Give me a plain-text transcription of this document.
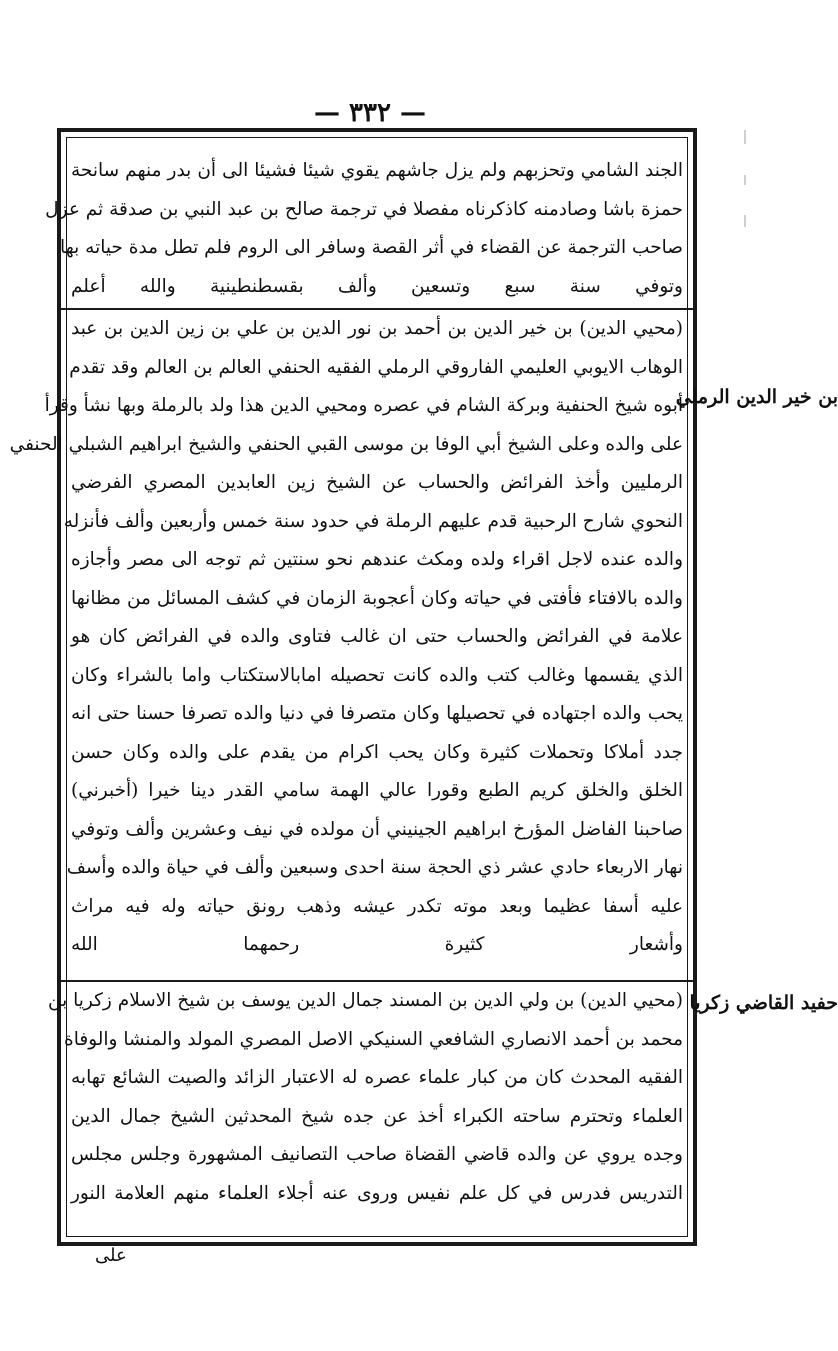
— ٣٣٢ —
الجند الشامي وتحزبهم ولم يزل جاشهم يقوي شيئا فشيئا الى أن بدر منهم سانحة
حمزة باشا وصادمنه كاذكرناه مفصلا في ترجمة صالح بن عبد النبي بن صدقة ثم عزل
صاحب الترجمة عن القضاء في أثر القصة وسافر الى الروم فلم تطل مدة حياته بها
وتوفي سنة سبع وتسعين وألف بقسطنطينية والله أعلم
(محيي الدين) بن خير الدين بن أحمد بن نور الدين بن علي بن زين الدين بن عبد
الوهاب الايوبي العليمي الفاروقي الرملي الفقيه الحنفي العالم بن العالم وقد تقدم
أبوه شيخ الحنفية وبركة الشام في عصره ومحيي الدين هذا ولد بالرملة وبها نشأ وقرأ
على والده وعلى الشيخ أبي الوفا بن موسى القبي الحنفي والشيخ ابراهيم الشبلي الحنفي
الرمليين وأخذ الفرائض والحساب عن الشيخ زين العابدين المصري الفرضي
النحوي شارح الرحبية قدم عليهم الرملة في حدود سنة خمس وأربعين وألف فأنزله
والده عنده لاجل اقراء ولده ومكث عندهم نحو سنتين ثم توجه الى مصر وأجازه
والده بالافتاء فأفتى في حياته وكان أعجوبة الزمان في كشف المسائل من مظانها
علامة في الفرائض والحساب حتى ان غالب فتاوى والده في الفرائض كان هو
الذي يقسمها وغالب كتب والده كانت تحصيله امابالاستكتاب واما بالشراء وكان
يحب والده اجتهاده في تحصيلها وكان متصرفا في دنيا والده تصرفا حسنا حتى انه
جدد أملاكا وتحملات كثيرة وكان يحب اكرام من يقدم على والده وكان حسن
الخلق والخلق كريم الطبع وقورا عالي الهمة سامي القدر دينا خيرا (أخبرني)
صاحبنا الفاضل المؤرخ ابراهيم الجينيني أن مولده في نيف وعشرين وألف وتوفي
نهار الاربعاء حادي عشر ذي الحجة سنة احدى وسبعين وألف في حياة والده وأسف
عليه أسفا عظيما وبعد موته تكدر عيشه وذهب رونق حياته وله فيه مراث
وأشعار كثيرة رحمهما الله
(محيي الدين) بن ولي الدين بن المسند جمال الدين يوسف بن شيخ الاسلام زكريا بن
محمد بن أحمد الانصاري الشافعي السنيكي الاصل المصري المولد والمنشا والوفاة
الفقيه المحدث كان من كبار علماء عصره له الاعتبار الزائد والصيت الشائع تهابه
العلماء وتحترم ساحته الكبراء أخذ عن جده شيخ المحدثين الشيخ جمال الدين
وجده يروي عن والده قاضي القضاة صاحب التصانيف المشهورة وجلس مجلس
التدريس فدرس في كل علم نفيس وروى عنه أجلاء العلماء منهم العلامة النور
بن خير الدين الرملي
حفيد القاضي زكريا
على
